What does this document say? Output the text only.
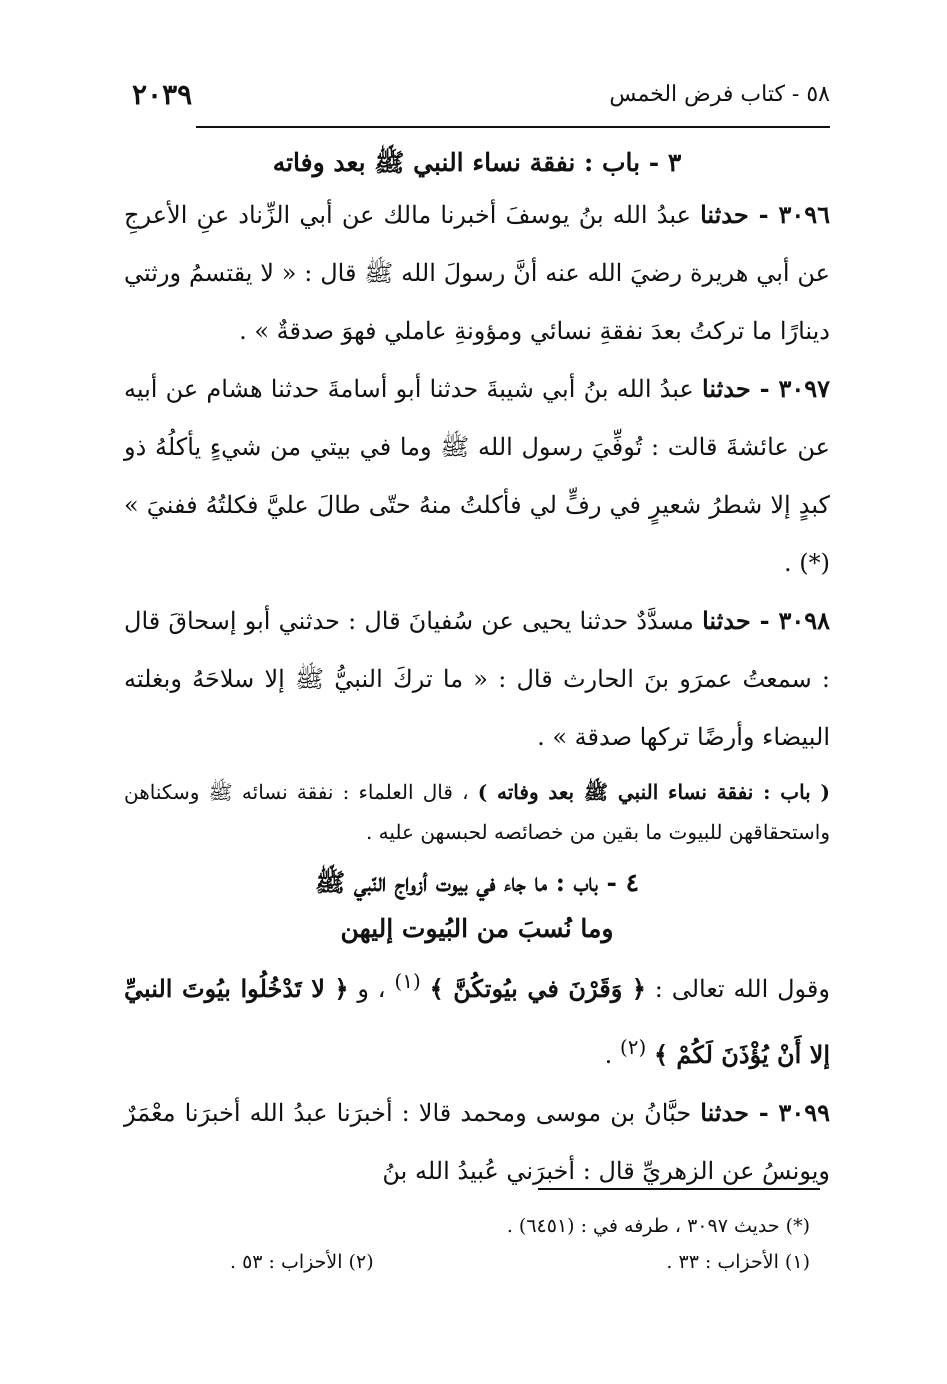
٥٨ - كتاب فرض الخمس
٢٠٣٩
٣ - باب : نفقة نساء النبي ﷺ بعد وفاته

٣٠٩٦ - حدثنا عبدُ الله بنُ يوسفَ أخبرنا مالك عن أبي الزِّناد عنِ الأعرجِ عن أبي هريرة رضيَ الله عنه أنَّ رسولَ الله ﷺ قال : « لا يقتسمُ ورثتي دينارًا ما تركتُ بعدَ نفقةِ نسائي ومؤونةِ عاملي فهوَ صدقةٌ » .

٣٠٩٧ - حدثنا عبدُ الله بنُ أبي شيبةَ حدثنا أبو أسامةَ حدثنا هشام عن أبيه عن عائشةَ قالت : تُوفِّيَ رسول الله ﷺ وما في بيتي من شيءٍ يأكلُهُ ذو كبدٍ إلا شطرُ شعيرٍ في رفٍّ لي فأكلتُ منهُ حتّى طالَ عليَّ فكلتُهُ ففنيَ » (*) .

٣٠٩٨ - حدثنا مسدَّدٌ حدثنا يحيى عن سُفيانَ قال : حدثني أبو إسحاقَ قال : سمعتُ عمرَو بنَ الحارث قال : « ما تركَ النبيُّ ﷺ إلا سلاحَهُ وبغلته البيضاء وأرضًا تركها صدقة » .

( باب : نفقة نساء النبي ﷺ بعد وفاته ) ، قال العلماء : نفقة نسائه ﷺ وسكناهن واستحقاقهن للبيوت ما بقين من خصائصه لحبسهن عليه .

٤ - باب : ما جاء في بيوت أزواج النّبي ﷺ
وما نُسبَ من البُيوت إليهن

وقول الله تعالى : ﴿ وَقَرْنَ في بيُوتكُنَّ ﴾ $^{(١)}$ ، و ﴿ لا تَدْخُلُوا بيُوتَ النبيِّ إلا أَنْ يُؤْذَنَ لَكُمْ ﴾ $^{(٢)}$ .

٣٠٩٩ - حدثنا حبَّانُ بن موسى ومحمد قالا : أخبرَنا عبدُ الله أخبرَنا معْمَرٌ ويونسُ عن الزهريِّ قال : أخبرَني عُبيدُ الله بنُ

(*) حديث ٣٠٩٧ ، طرفه في : (٦٤٥١) .
(١) الأحزاب : ٣٣ .
(٢) الأحزاب : ٥٣ .
